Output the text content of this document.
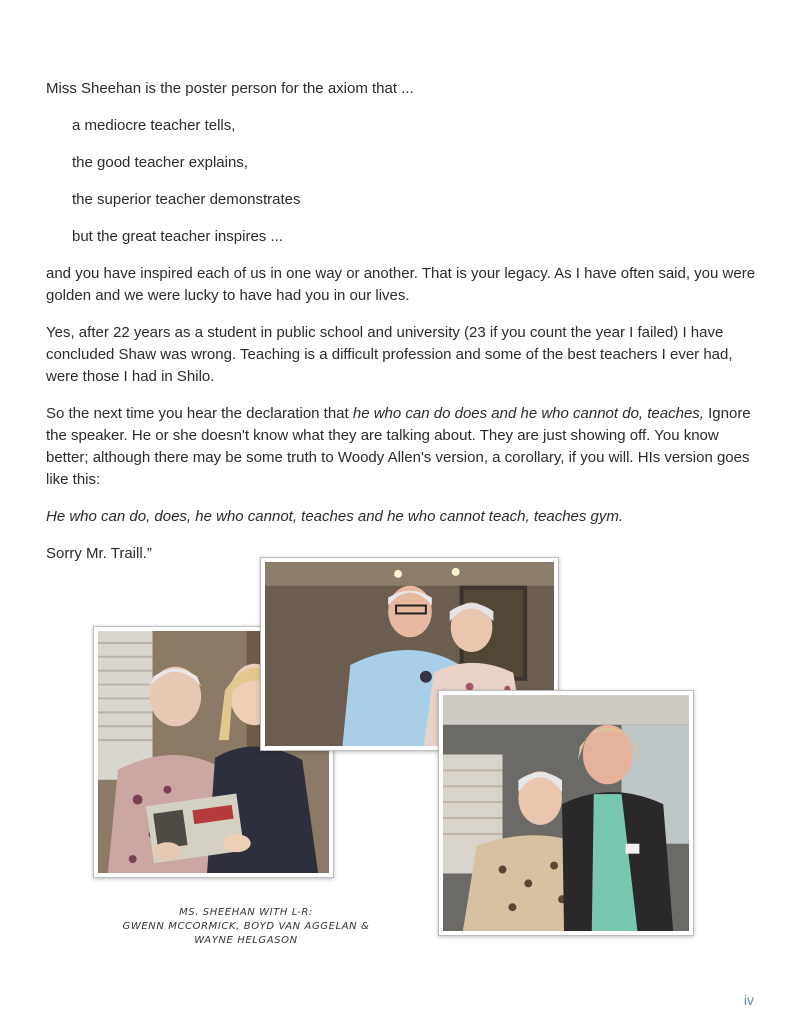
Miss Sheehan is the poster person for the axiom that ...

a mediocre teacher tells,

the good teacher explains,

the superior teacher demonstrates

but the great teacher inspires ...

and you have inspired each of us in one way or another. That is your legacy. As I have often said, you were golden and we were lucky to have had you in our lives.

Yes, after 22 years as a student in public school and university (23 if you count the year I failed) I have concluded Shaw was wrong. Teaching is a difficult profession and some of the best teachers I ever had, were those I had in Shilo.

So the next time you hear the declaration that he who can do does and he who cannot do, teaches, Ignore the speaker. He or she doesn't know what they are talking about. They are just showing off. You know better; although there may be some truth to Woody Allen's version, a corollary, if you will. HIs version goes like this:

He who can do, does, he who cannot, teaches and he who cannot teach, teaches gym.

Sorry Mr. Traill.”

MS. SHEEHAN WITH L-R:
GWENN MCCORMICK, BOYD VAN AGGELAN &
WAYNE HELGASON
iv
